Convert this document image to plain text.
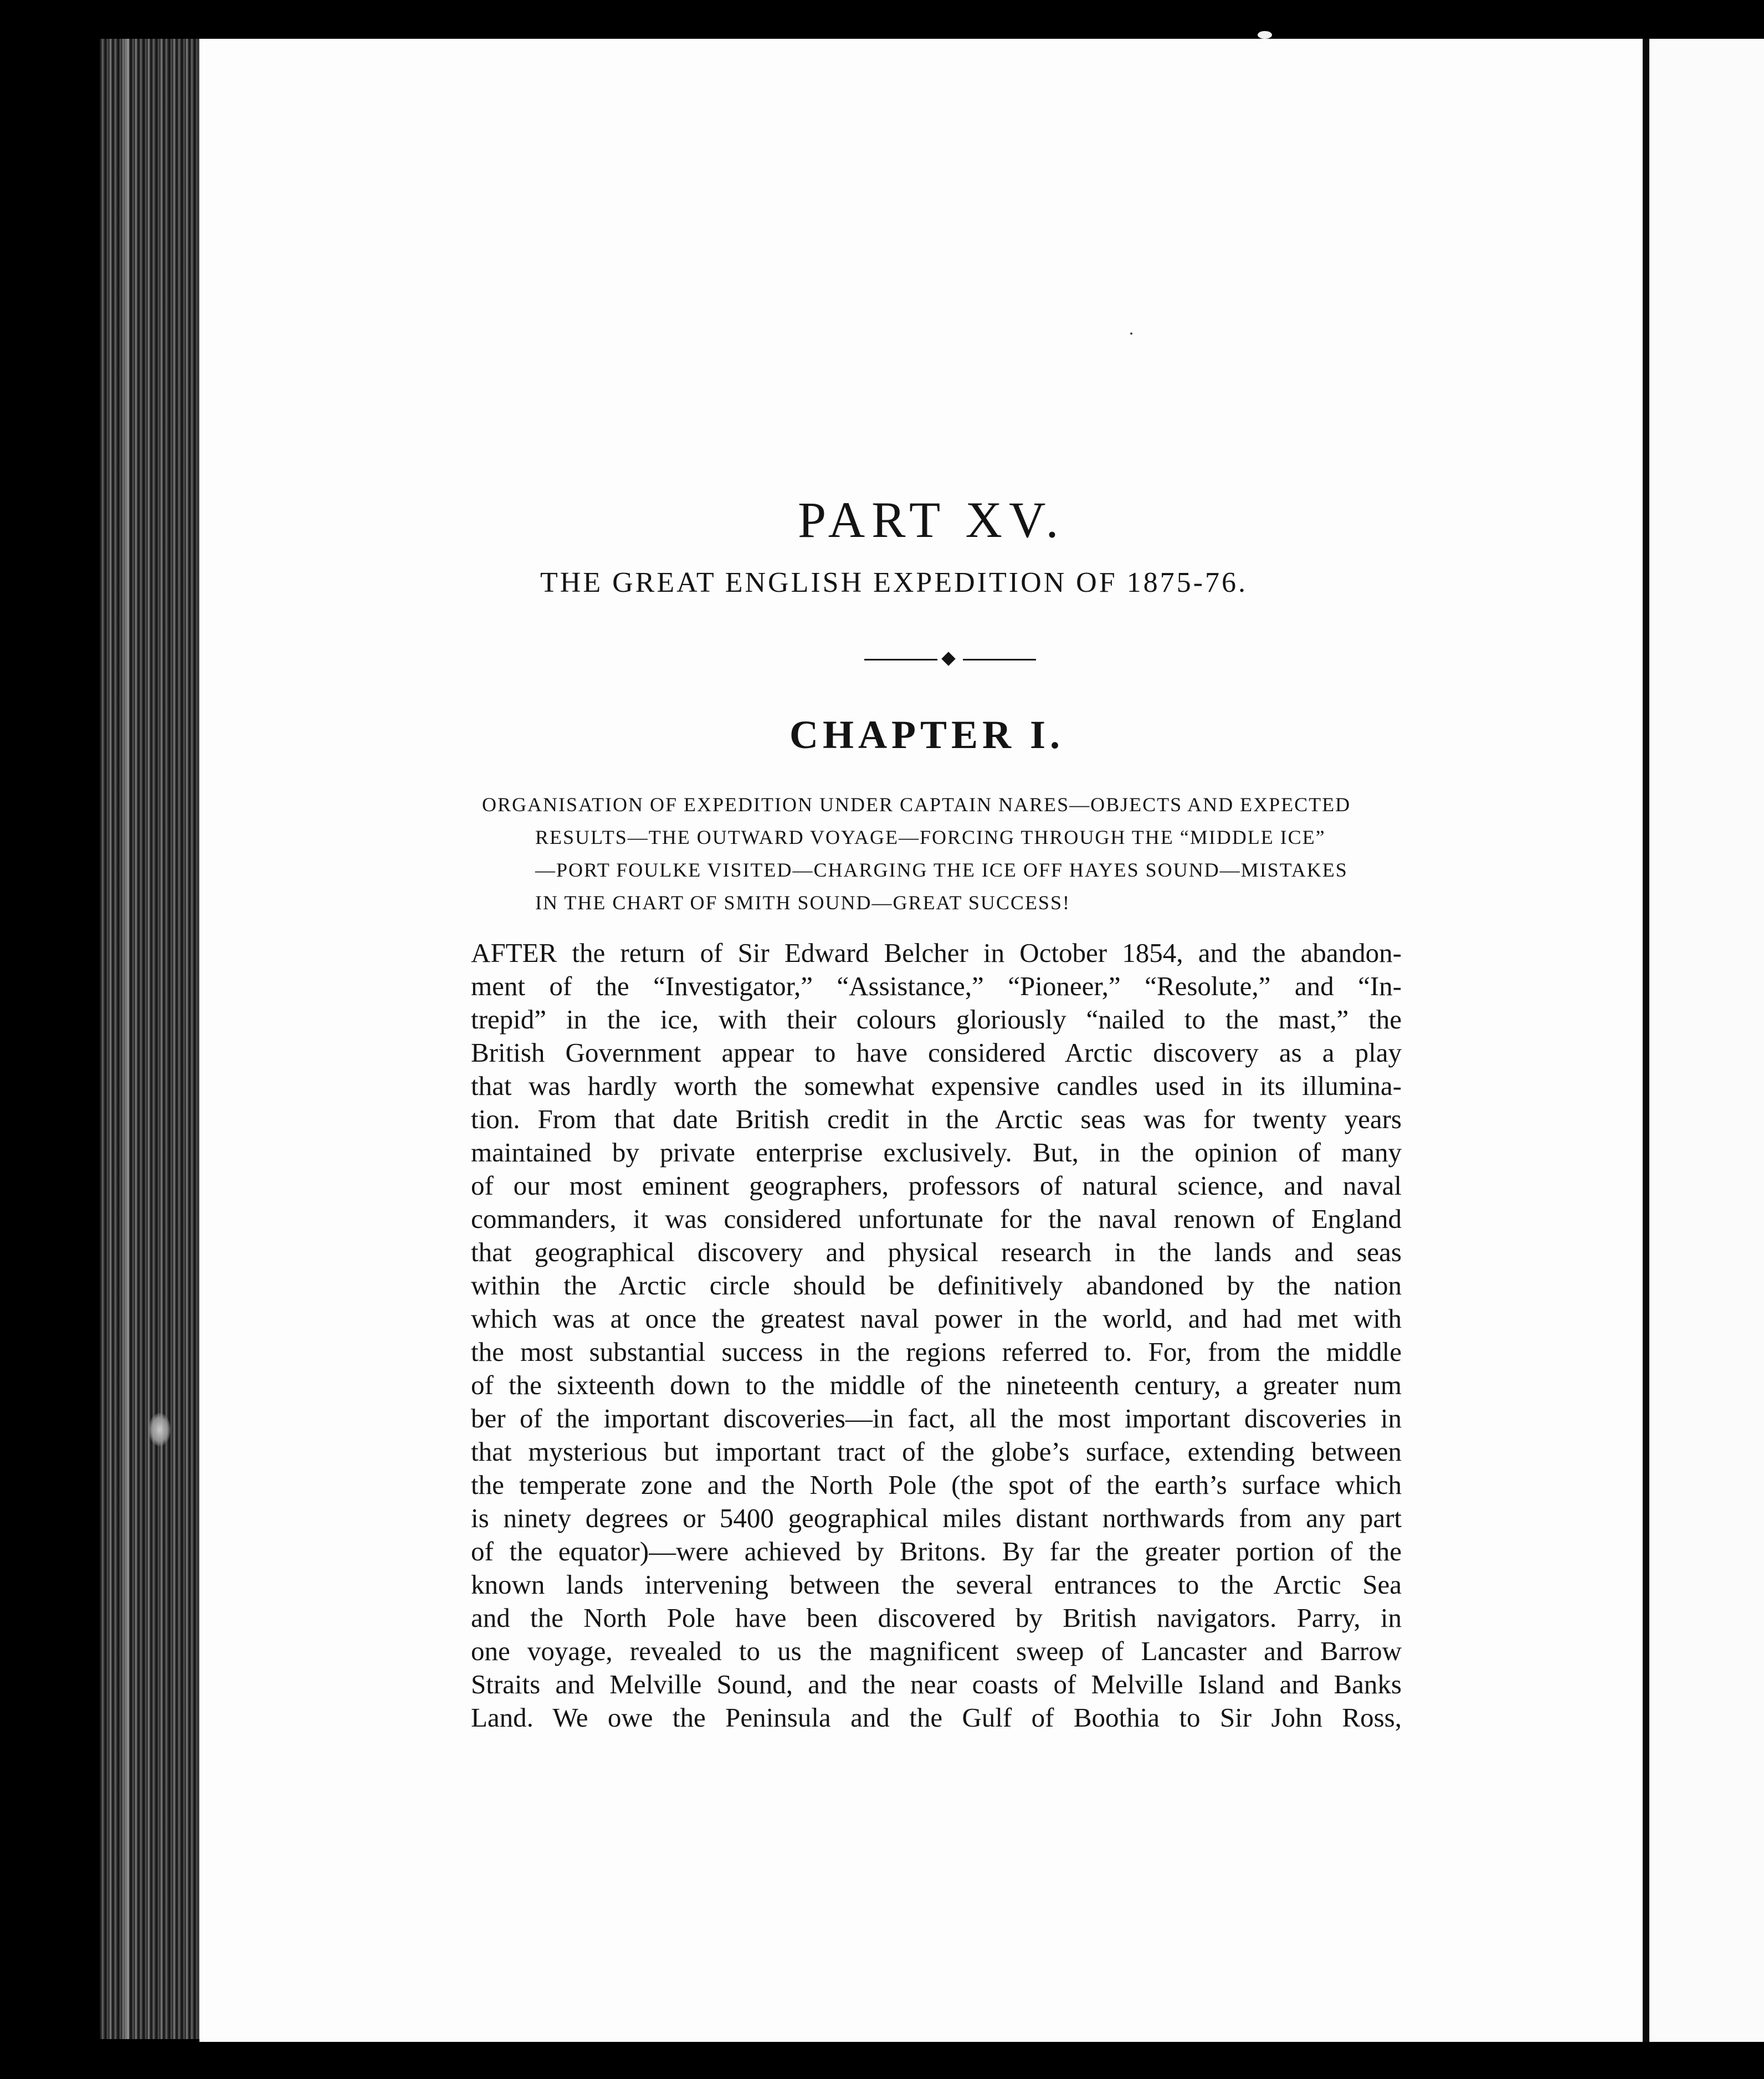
PART XV.
THE GREAT ENGLISH EXPEDITION OF 1875-76.
CHAPTER I.
ORGANISATION OF EXPEDITION UNDER CAPTAIN NARES—OBJECTS AND EXPECTED
RESULTS—THE OUTWARD VOYAGE—FORCING THROUGH THE “MIDDLE ICE”
—PORT FOULKE VISITED—CHARGING THE ICE OFF HAYES SOUND—MISTAKES
IN THE CHART OF SMITH SOUND—GREAT SUCCESS!
AFTER the return of Sir Edward Belcher in October 1854, and the abandon-
ment of the “Investigator,” “Assistance,” “Pioneer,” “Resolute,” and “In-
trepid” in the ice, with their colours gloriously “nailed to the mast,” the
British Government appear to have considered Arctic discovery as a play
that was hardly worth the somewhat expensive candles used in its illumina-
tion. From that date British credit in the Arctic seas was for twenty years
maintained by private enterprise exclusively. But, in the opinion of many
of our most eminent geographers, professors of natural science, and naval
commanders, it was considered unfortunate for the naval renown of England
that geographical discovery and physical research in the lands and seas
within the Arctic circle should be definitively abandoned by the nation
which was at once the greatest naval power in the world, and had met with
the most substantial success in the regions referred to. For, from the middle
of the sixteenth down to the middle of the nineteenth century, a greater num
ber of the important discoveries—in fact, all the most important discoveries in
that mysterious but important tract of the globe’s surface, extending between
the temperate zone and the North Pole (the spot of the earth’s surface which
is ninety degrees or 5400 geographical miles distant northwards from any part
of the equator)—were achieved by Britons. By far the greater portion of the
known lands intervening between the several entrances to the Arctic Sea
and the North Pole have been discovered by British navigators. Parry, in
one voyage, revealed to us the magnificent sweep of Lancaster and Barrow
Straits and Melville Sound, and the near coasts of Melville Island and Banks
Land. We owe the Peninsula and the Gulf of Boothia to Sir John Ross,
